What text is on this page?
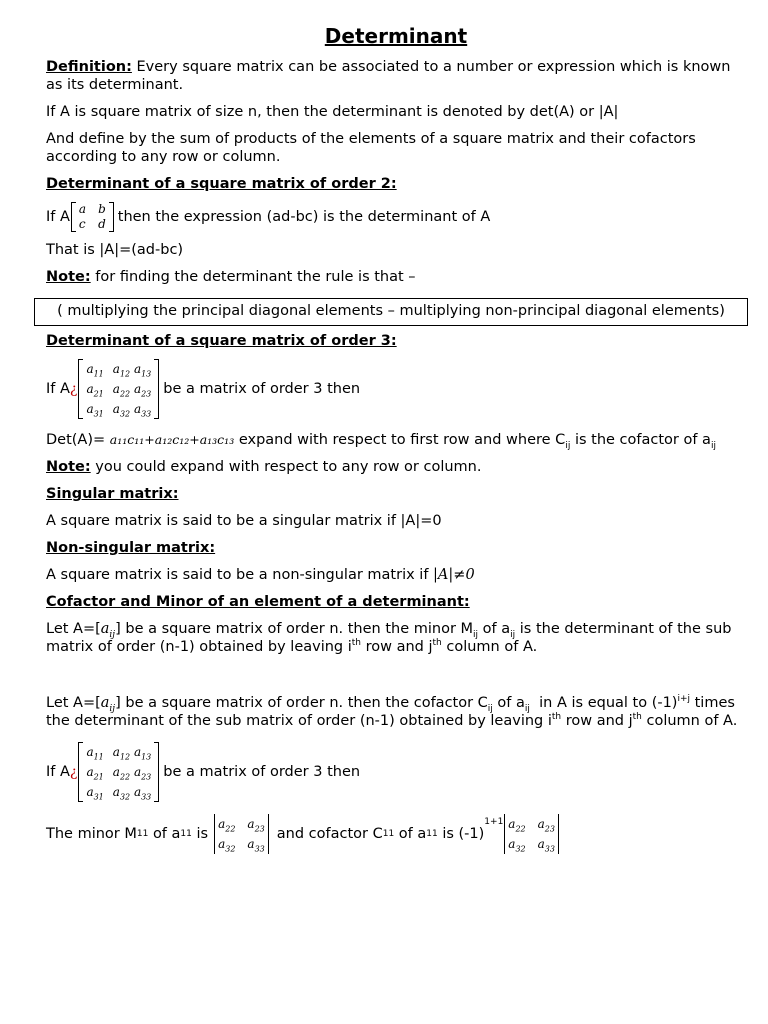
Determinant

Definition: Every square matrix can be associated to a number or expression which is known as its determinant.

If A is square matrix of size n, then the determinant is denoted by det(A) or |A|

And define by the sum of products of the elements of a square matrix and their cofactors according to any row or column.

Determinant of a square matrix of order 2:

If A a b
c d then the expression (ad-bc) is the determinant of A

That is |A|=(ad-bc)

Note: for finding the determinant the rule is that –

( multiplying the principal diagonal elements – multiplying non-principal diagonal elements)

Determinant of a square matrix of order 3:

If A ¿
$a_{11}$ $a_{12}$ $a_{13}$
$a_{21}$ $a_{22}$ $a_{23}$
$a_{31}$ $a_{32}$ $a_{33}$
be a matrix of order 3 then

Det(A)= a₁₁c₁₁+a₁₂c₁₂+a₁₃c₁₃ expand with respect to first row and where $C_{ij}$ is the cofactor of $a_{ij}$

Note: you could expand with respect to any row or column.

Singular matrix:

A square matrix is said to be a singular matrix if |A|=0

Non-singular matrix:

A square matrix is said to be a non-singular matrix if |A|≠0

Cofactor and Minor of an element of a determinant:

Let $A=[a_{ij}]$ be a square matrix of order n. then the minor $M_{ij}$ of $a_{ij}$ is the determinant of the sub matrix of order (n-1) obtained by leaving $i^{th}$ row and $j^{th}$ column of A.

Let $A=[a_{ij}]$ be a square matrix of order n. then the cofactor $C_{ij}$ of $a_{ij}$ in A is equal to $(-1)^{i+j}$ times the determinant of the sub matrix of order (n-1) obtained by leaving $i^{th}$ row and $j^{th}$ column of A.

If A ¿
$a_{11}$ $a_{12}$ $a_{13}$
$a_{21}$ $a_{22}$ $a_{23}$
$a_{31}$ $a_{32}$ $a_{33}$
be a matrix of order 3 then
The minor M 11
of a 11
is
$a_{22}$ $a_{23}$
$a_{32}$ $a_{33}$
and cofactor C 11
of a 11
is (-1)
1+1 $a_{22}$ $a_{23}$
$a_{32}$ $a_{33}$
